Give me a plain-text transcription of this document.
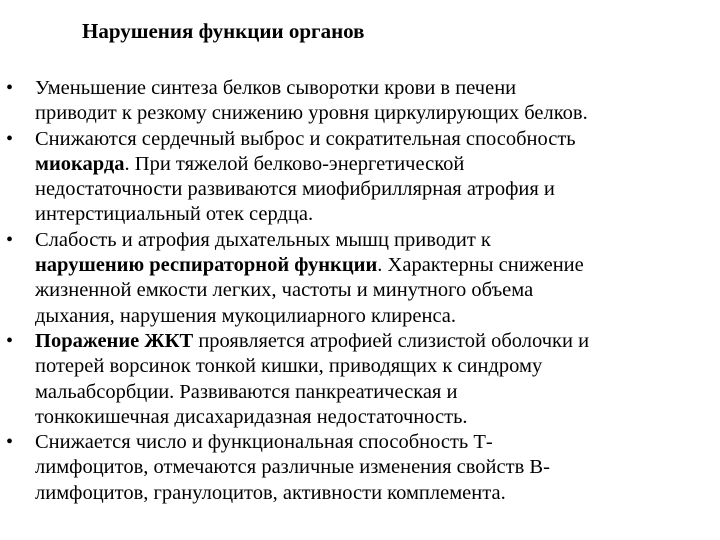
Нарушения функции органов
• Уменьшение синтеза белков сыворотки крови в печени
приводит к резкому снижению уровня циркулирующих белков.
• Снижаются сердечный выброс и сократительная способность
миокарда. При тяжелой белково-энергетической
недостаточности развиваются миофибриллярная атрофия и
интерстициальный отек сердца.
• Слабость и атрофия дыхательных мышц приводит к
нарушению респираторной функции. Характерны снижение
жизненной емкости легких, частоты и минутного объема
дыхания, нарушения мукоцилиарного клиренса.
• Поражение ЖКТ проявляется атрофией слизистой оболочки и
потерей ворсинок тонкой кишки, приводящих к синдрому
мальабсорбции. Развиваются панкреатическая и
тонкокишечная дисахаридазная недостаточность.
• Снижается число и функциональная способность Т-
лимфоцитов, отмечаются различные изменения свойств В-
лимфоцитов, гранулоцитов, активности комплемента.
